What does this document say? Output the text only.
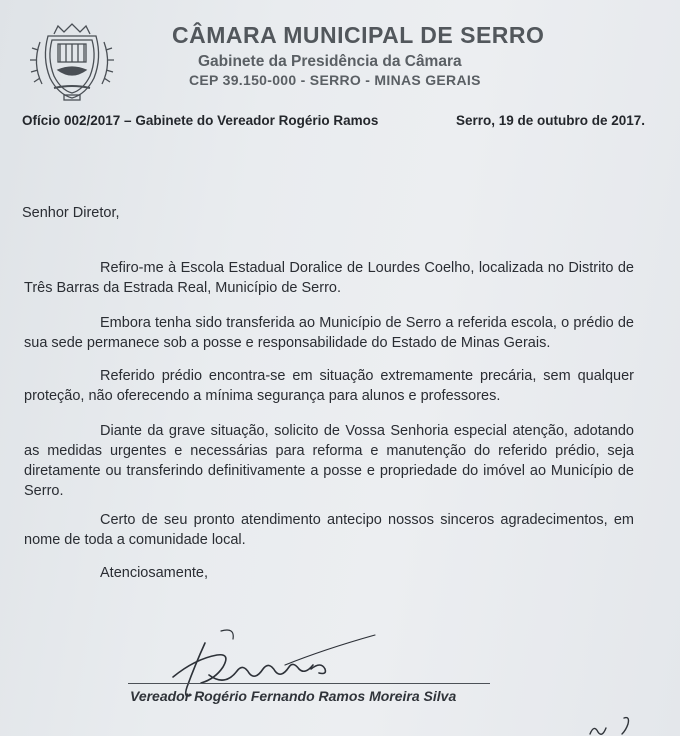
CÂMARA MUNICIPAL DE SERRO
Gabinete da Presidência da Câmara
CEP 39.150-000 - SERRO - MINAS GERAIS
Ofício 002/2017 – Gabinete do Vereador Rogério Ramos	Serro, 19 de outubro de 2017.
Senhor Diretor,

Refiro-me à Escola Estadual Doralice de Lourdes Coelho, localizada no Distrito de Três Barras da Estrada Real, Município de Serro.

Embora tenha sido transferida ao Município de Serro a referida escola, o prédio de sua sede permanece sob a posse e responsabilidade do Estado de Minas Gerais.

Referido prédio encontra-se em situação extremamente precária, sem qualquer proteção, não oferecendo a mínima segurança para alunos e professores.

Diante da grave situação, solicito de Vossa Senhoria especial atenção, adotando as medidas urgentes e necessárias para reforma e manutenção do referido prédio, seja diretamente ou transferindo definitivamente a posse e propriedade do imóvel ao Município de Serro.

Certo de seu pronto atendimento antecipo nossos sinceros agradecimentos, em nome de toda a comunidade local.

Atenciosamente,
Vereador Rogério Fernando Ramos Moreira Silva
